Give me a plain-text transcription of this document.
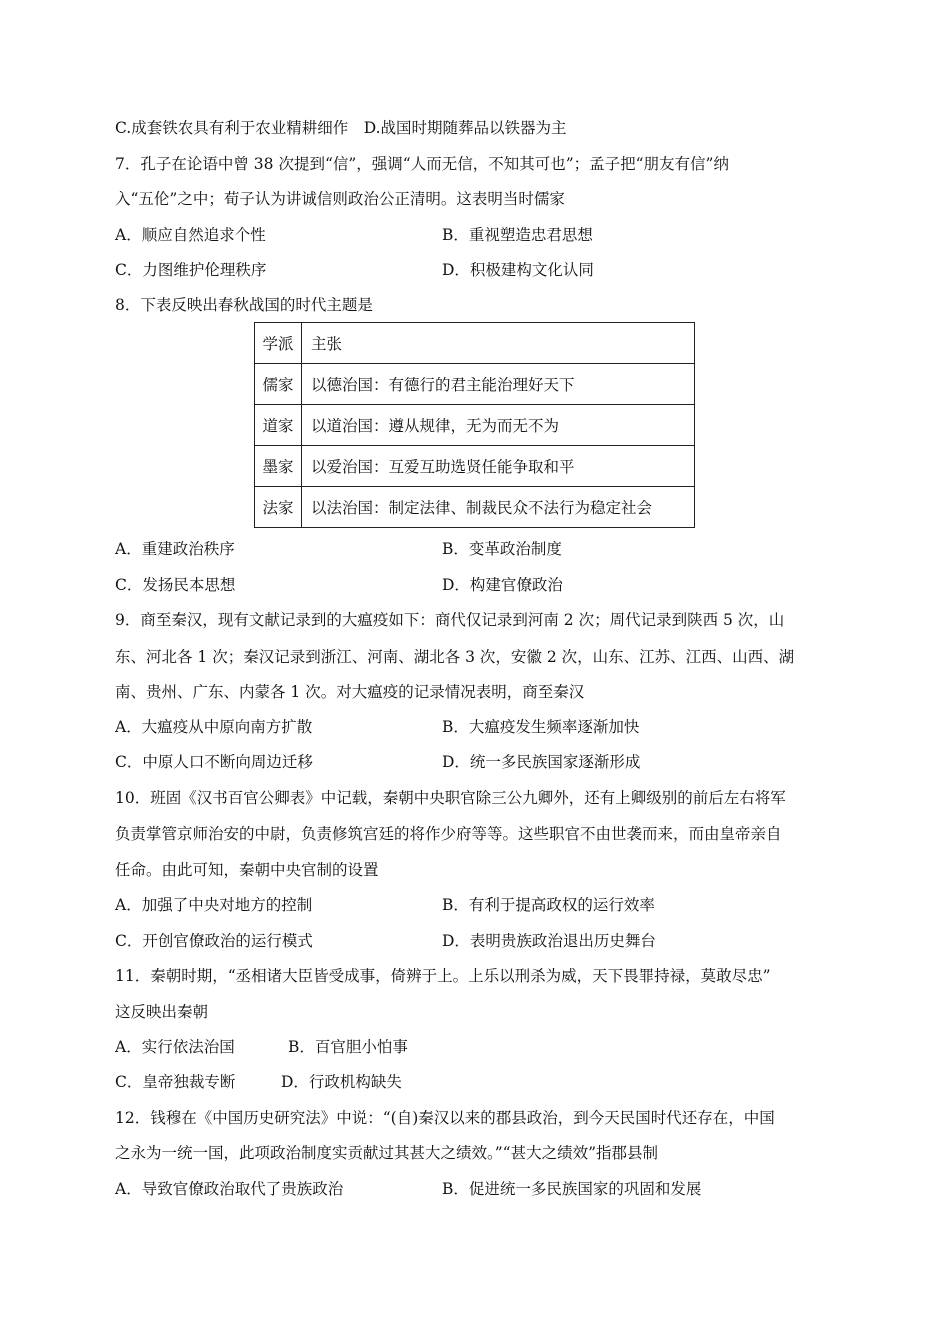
C.成套铁农具有利于农业精耕细作　D.战国时期随葬品以铁器为主
7．孔子在论语中曾 38 次提到“信”，强调“人而无信，不知其可也”；孟子把“朋友有信”纳
入“五伦”之中；荀子认为讲诚信则政治公正清明。这表明当时儒家
A．顺应自然追求个性	B．重视塑造忠君思想
C．力图维护伦理秩序	D．积极建构文化认同
8．下表反映出春秋战国的时代主题是
学派	主张
儒家	以德治国：有德行的君主能治理好天下
道家	以道治国：遵从规律，无为而无不为
墨家	以爱治国：互爱互助选贤任能争取和平
法家	以法治国：制定法律、制裁民众不法行为稳定社会
A．重建政治秩序	B．变革政治制度
C．发扬民本思想	D．构建官僚政治
9．商至秦汉，现有文献记录到的大瘟疫如下：商代仅记录到河南 2 次；周代记录到陕西 5 次，山
东、河北各 1 次；秦汉记录到浙江、河南、湖北各 3 次，安徽 2 次，山东、江苏、江西、山西、湖
南、贵州、广东、内蒙各 1 次。对大瘟疫的记录情况表明，商至秦汉
A．大瘟疫从中原向南方扩散	B．大瘟疫发生频率逐渐加快
C．中原人口不断向周边迁移	D．统一多民族国家逐渐形成
10．班固《汉书百官公卿表》中记载，秦朝中央职官除三公九卿外，还有上卿级别的前后左右将军
负责掌管京师治安的中尉，负责修筑宫廷的将作少府等等。这些职官不由世袭而来，而由皇帝亲自
任命。由此可知，秦朝中央官制的设置
A．加强了中央对地方的控制	B．有利于提高政权的运行效率
C．开创官僚政治的运行模式	D．表明贵族政治退出历史舞台
11．秦朝时期，“丞相诸大臣皆受成事，倚辨于上。上乐以刑杀为威，天下畏罪持禄，莫敢尽忠”
这反映出秦朝
A．实行依法治国	B．百官胆小怕事
C．皇帝独裁专断	D．行政机构缺失
12．钱穆在《中国历史研究法》中说：“(自)秦汉以来的郡县政治，到今天民国时代还存在，中国
之永为一统一国，此项政治制度实贡献过其甚大之绩效。”“甚大之绩效”指郡县制
A．导致官僚政治取代了贵族政治	B．促进统一多民族国家的巩固和发展
